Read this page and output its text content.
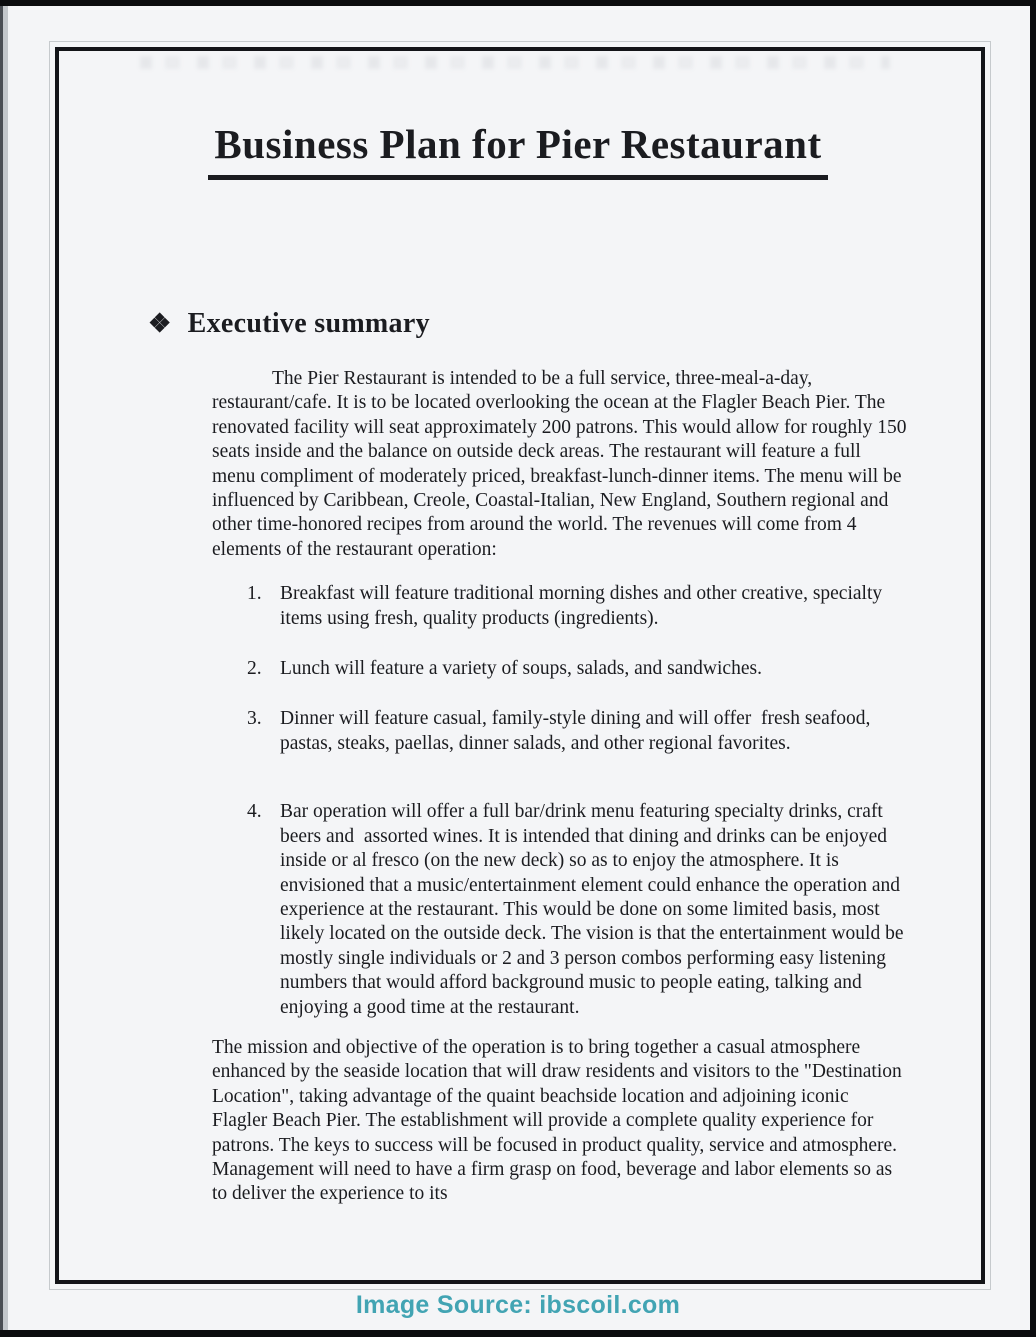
Business Plan for Pier Restaurant
❖ Executive summary

The Pier Restaurant is intended to be a full service, three-meal-a-day, restaurant/cafe. It is to be located overlooking the ocean at the Flagler Beach Pier. The renovated facility will seat approximately 200 patrons. This would allow for roughly 150 seats inside and the balance on outside deck areas. The restaurant will feature a full menu compliment of moderately priced, breakfast-lunch-dinner items. The menu will be influenced by Caribbean, Creole, Coastal-Italian, New England, Southern regional and other time-honored recipes from around the world. The revenues will come from 4 elements of the restaurant operation:

1. Breakfast will feature traditional morning dishes and other creative, specialty items using fresh, quality products (ingredients).
2. Lunch will feature a variety of soups, salads, and sandwiches.
3. Dinner will feature casual, family-style dining and will offer  fresh seafood, pastas, steaks, paellas, dinner salads, and other regional favorites.
4. Bar operation will offer a full bar/drink menu featuring specialty drinks, craft beers and  assorted wines. It is intended that dining and drinks can be enjoyed inside or al fresco (on the new deck) so as to enjoy the atmosphere. It is envisioned that a music/entertainment element could enhance the operation and experience at the restaurant. This would be done on some limited basis, most likely located on the outside deck. The vision is that the entertainment would be mostly single individuals or 2 and 3 person combos performing easy listening numbers that would afford background music to people eating, talking and enjoying a good time at the restaurant.

The mission and objective of the operation is to bring together a casual atmosphere enhanced by the seaside location that will draw residents and visitors to the "Destination Location", taking advantage of the quaint beachside location and adjoining iconic Flagler Beach Pier. The establishment will provide a complete quality experience for patrons. The keys to success will be focused in product quality, service and atmosphere. Management will need to have a firm grasp on food, beverage and labor elements so as to deliver the experience to its

Image Source: ibscoil.com
